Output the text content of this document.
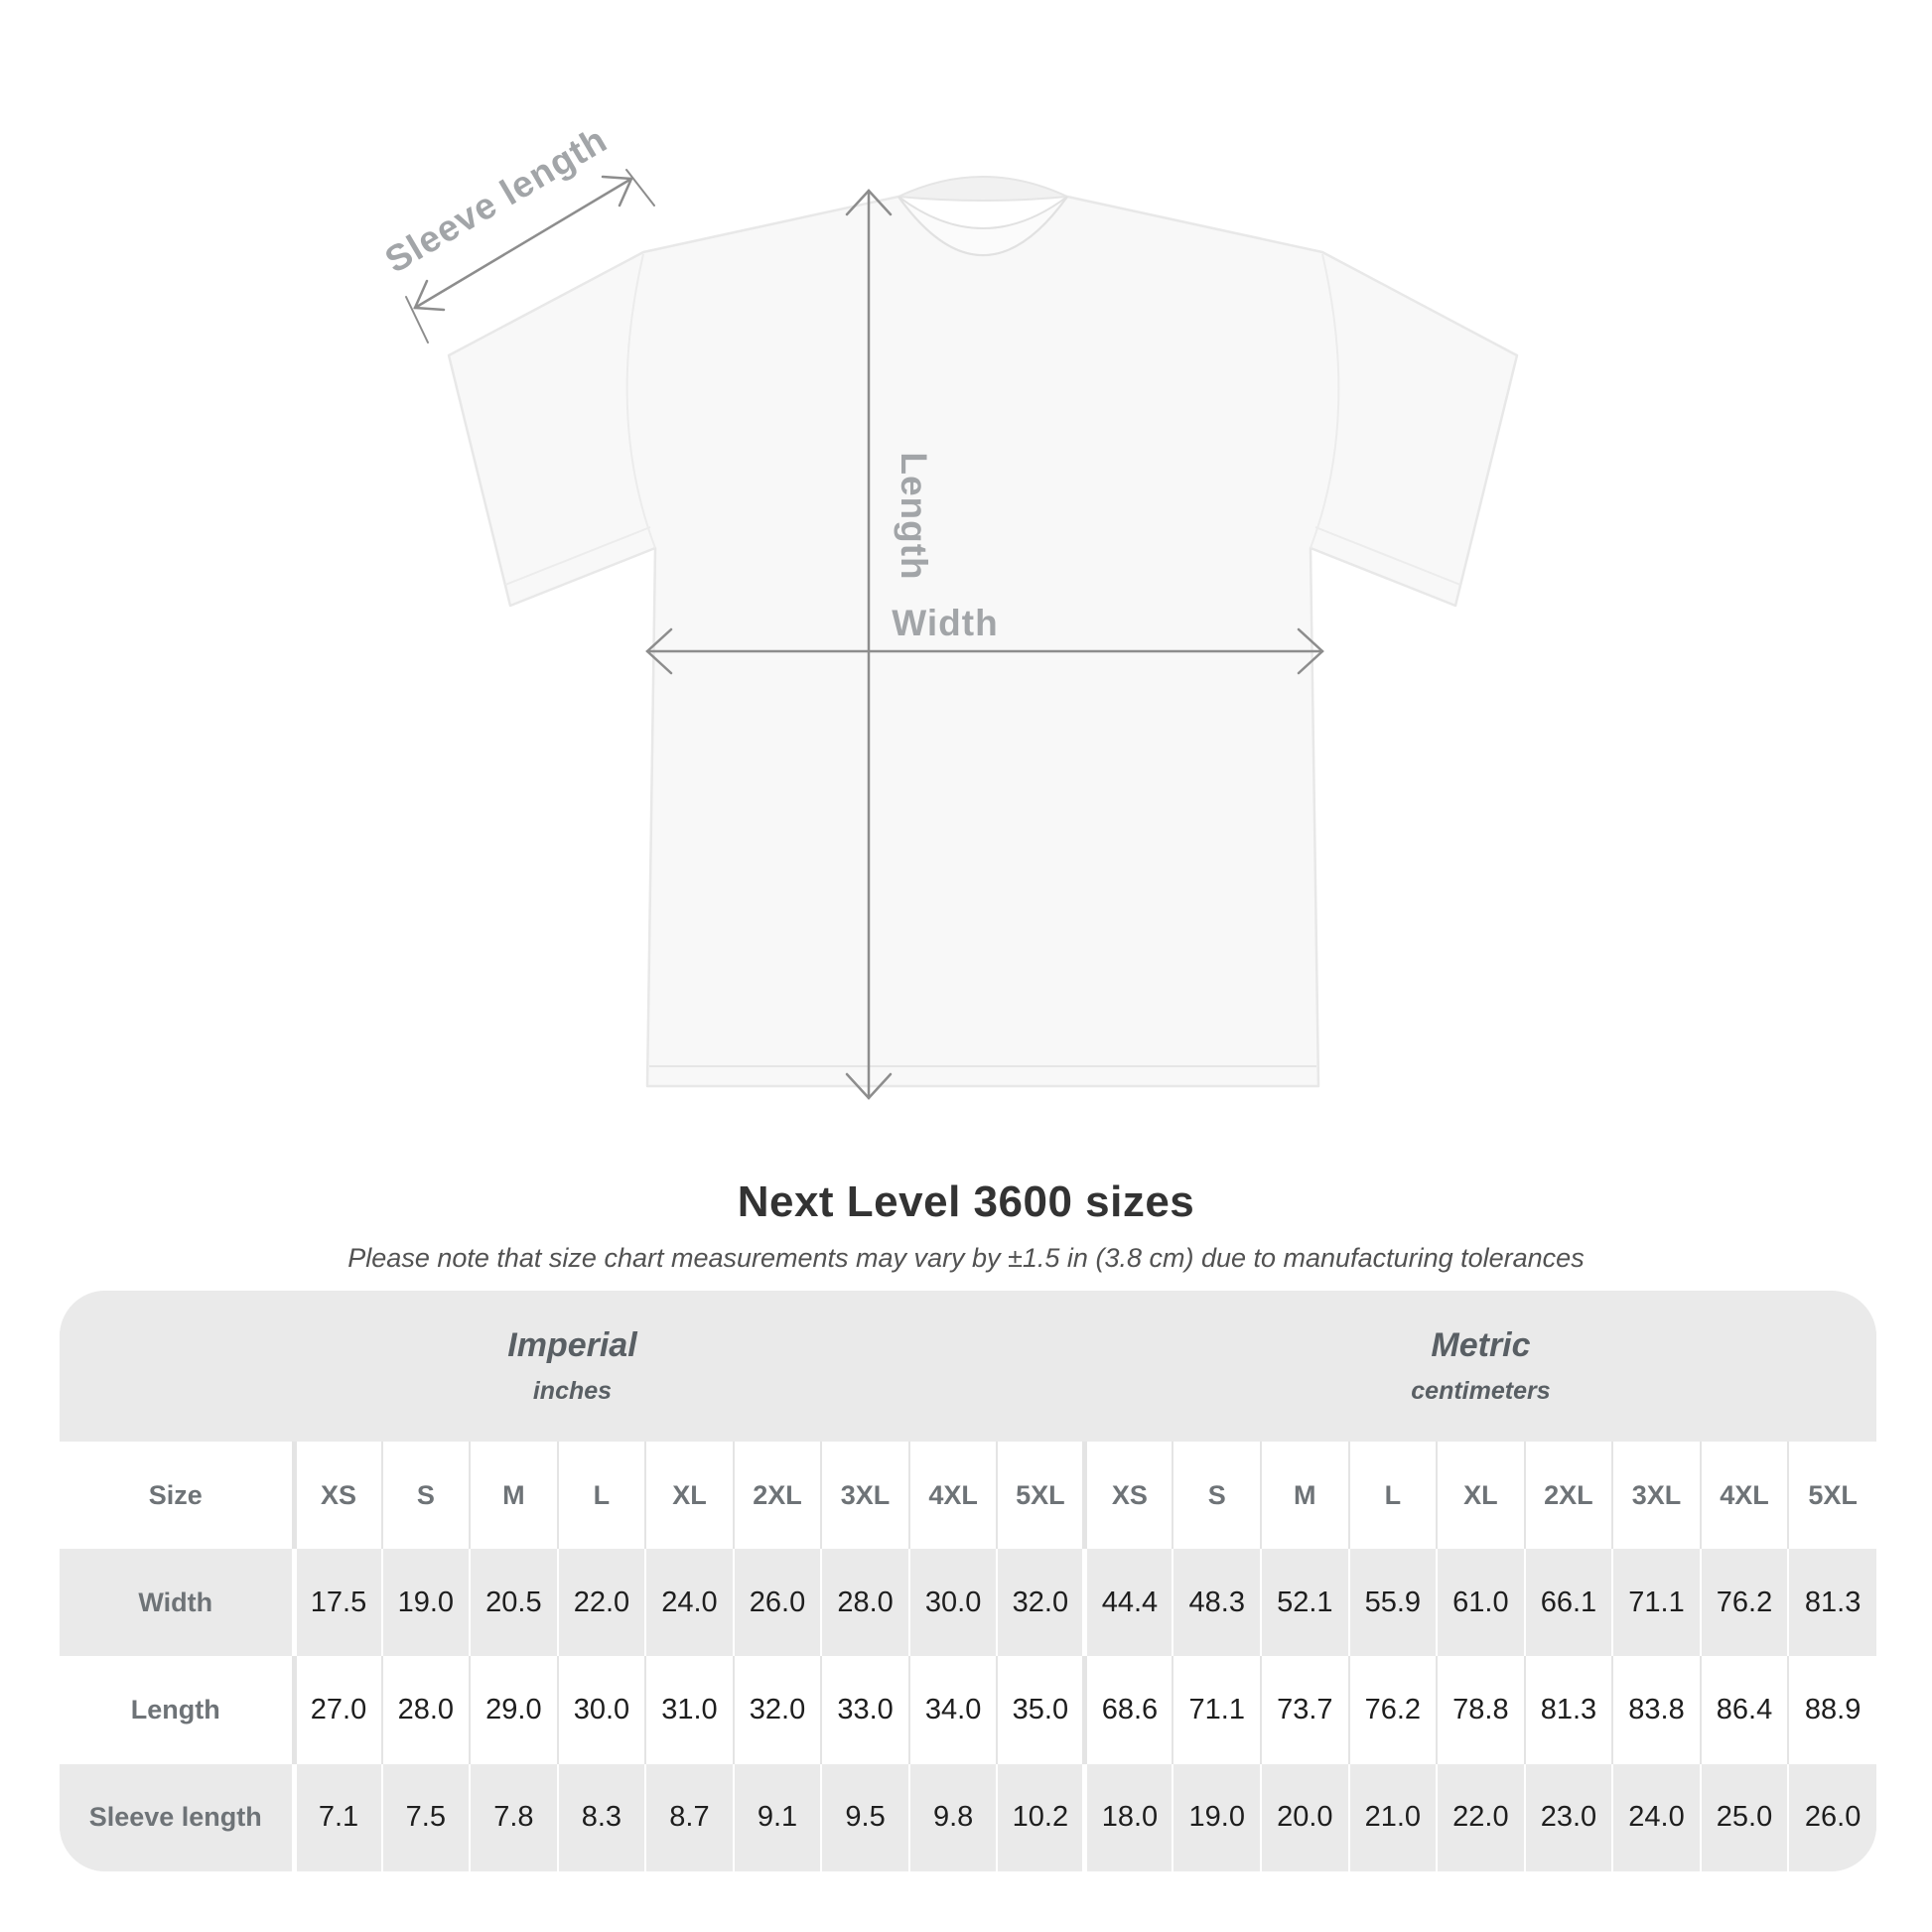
Sleeve length
Length
Width
Next Level 3600 sizes
Please note that size chart measurements may vary by ±1.5 in (3.8 cm) due to manufacturing tolerances
Imperial
inches

Metric
centimeters

Size	XS	S	M	L	XL	2XL	3XL	4XL	5XL	XS	S	M	L	XL	2XL	3XL	4XL	5XL
Width	17.5	19.0	20.5	22.0	24.0	26.0	28.0	30.0	32.0	44.4	48.3	52.1	55.9	61.0	66.1	71.1	76.2	81.3
Length	27.0	28.0	29.0	30.0	31.0	32.0	33.0	34.0	35.0	68.6	71.1	73.7	76.2	78.8	81.3	83.8	86.4	88.9
Sleeve length	7.1	7.5	7.8	8.3	8.7	9.1	9.5	9.8	10.2	18.0	19.0	20.0	21.0	22.0	23.0	24.0	25.0	26.0
